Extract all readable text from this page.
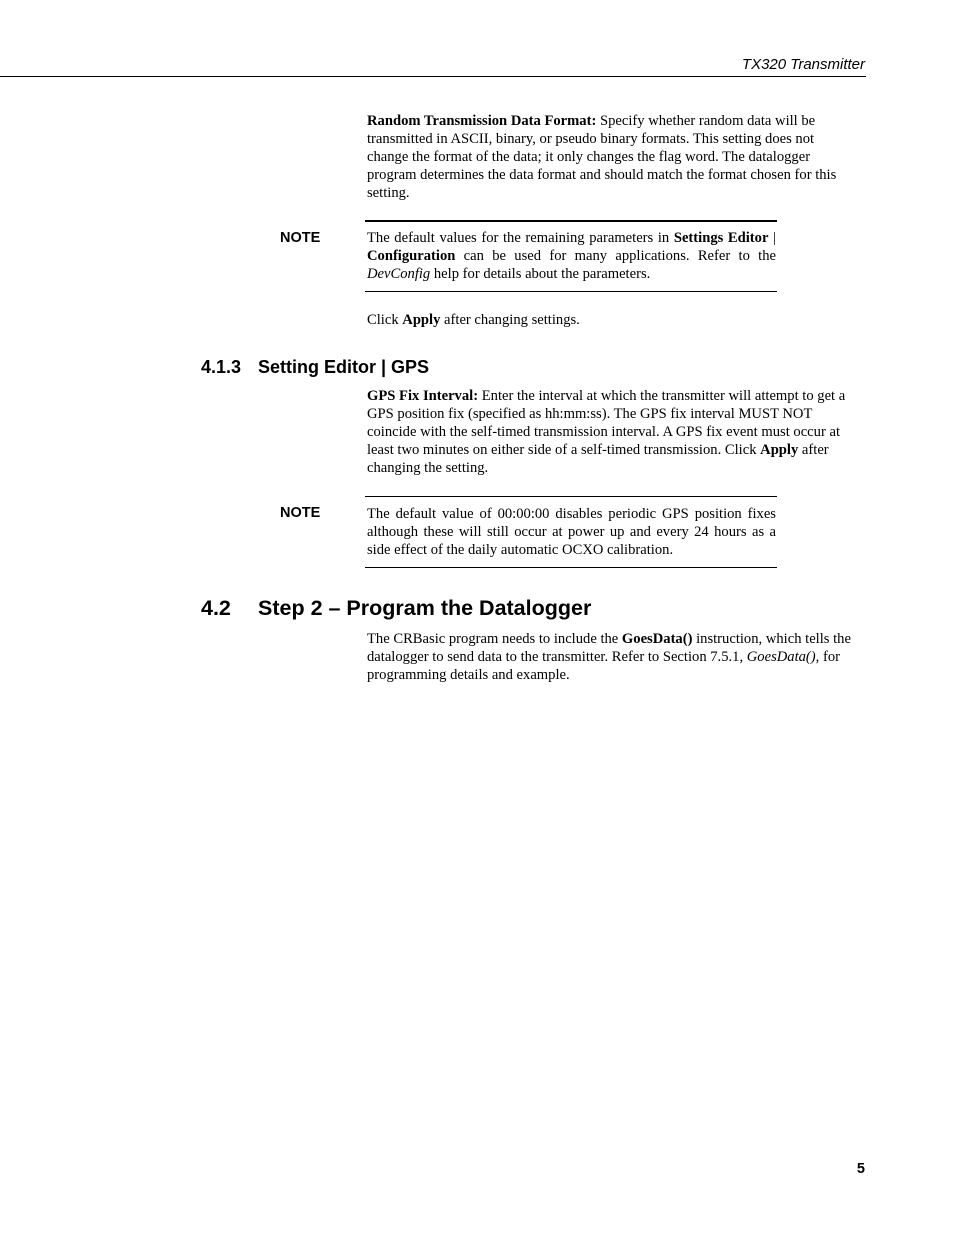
TX320 Transmitter
Random Transmission Data Format: Specify whether random data will be transmitted in ASCII, binary, or pseudo binary formats. This setting does not change the format of the data; it only changes the flag word. The datalogger program determines the data format and should match the format chosen for this setting.
NOTE	The default values for the remaining parameters in Settings Editor | Configuration can be used for many applications. Refer to the DevConfig help for details about the parameters.
Click Apply after changing settings.
4.1.3 Setting Editor | GPS
GPS Fix Interval: Enter the interval at which the transmitter will attempt to get a GPS position fix (specified as hh:mm:ss). The GPS fix interval MUST NOT coincide with the self-timed transmission interval. A GPS fix event must occur at least two minutes on either side of a self-timed transmission. Click Apply after changing the setting.
NOTE	The default value of 00:00:00 disables periodic GPS position fixes although these will still occur at power up and every 24 hours as a side effect of the daily automatic OCXO calibration.
4.2 Step 2 – Program the Datalogger
The CRBasic program needs to include the GoesData() instruction, which tells the datalogger to send data to the transmitter. Refer to Section 7.5.1, GoesData(), for programming details and example.
5
